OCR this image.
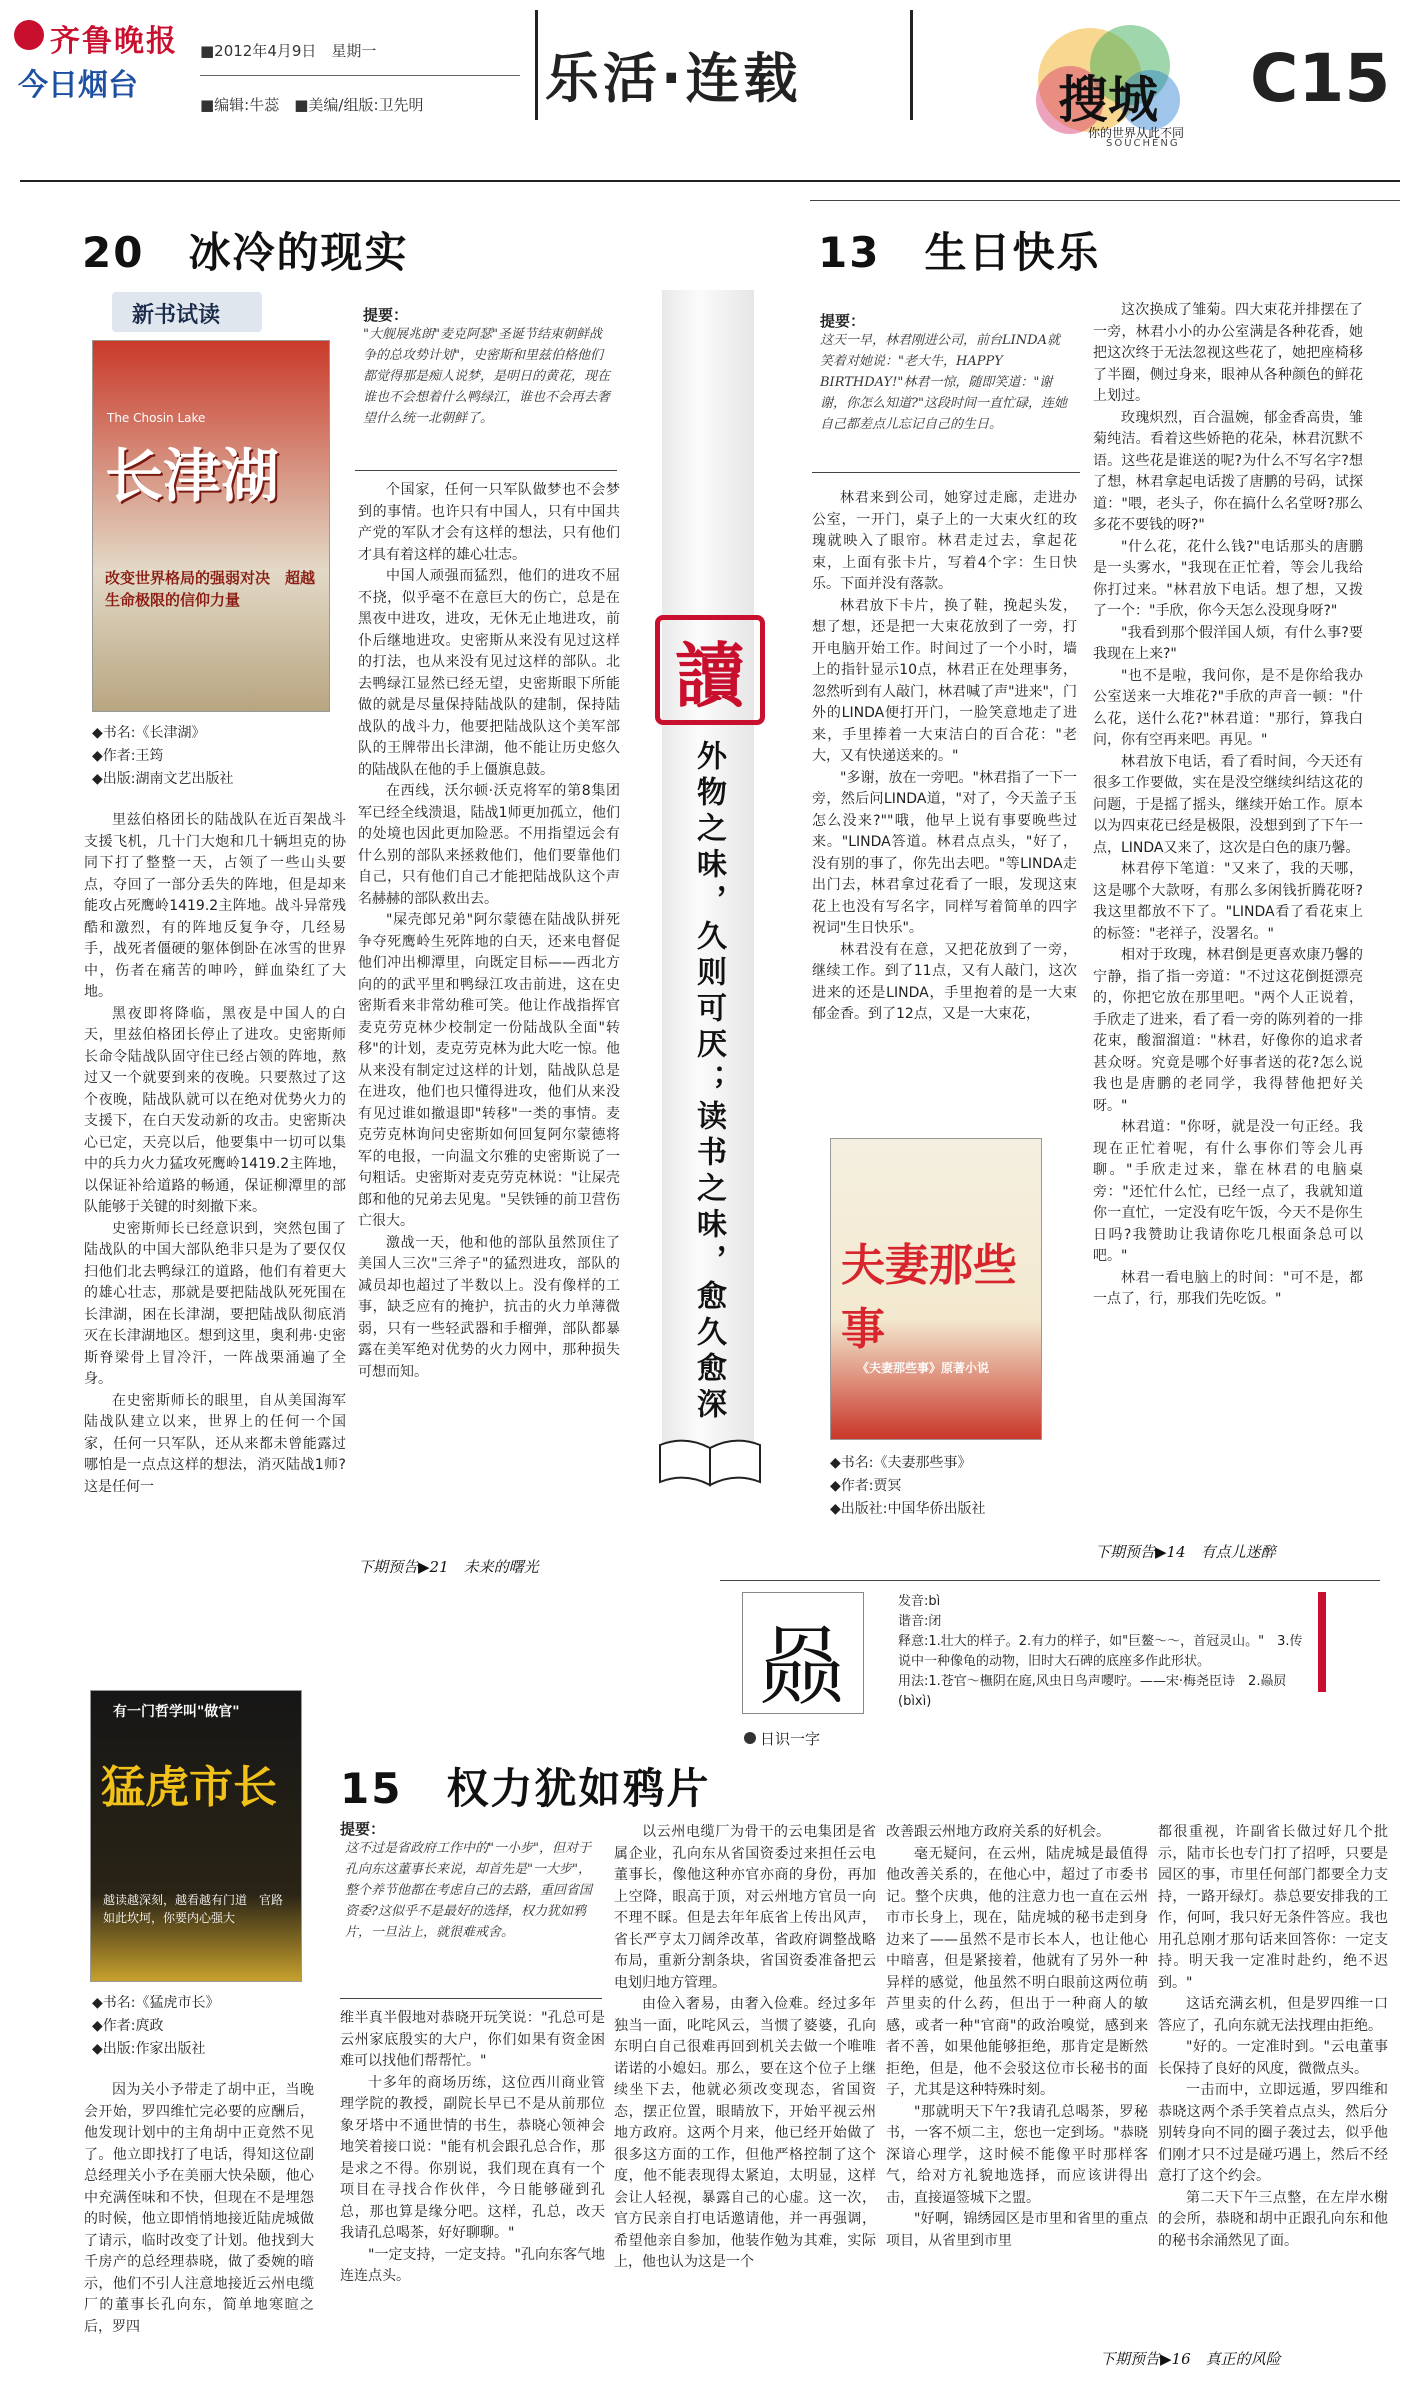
齐鲁晚报
今日烟台
■2012年4月9日　星期一
■编辑:牛蕊　■美编/组版:卫先明 乐活·连载	搜城
你的世界从此不同
SOUCHENG
C15
20　冰冷的现实
新书试读
长津湖
The Chosin Lake
改变世界格局的强弱对决　超越生命极限的信仰力量
◆书名:《长津湖》
◆作者:王筠
◆出版:湖南文艺出版社
提要：
"大舰展兆朗"麦克阿瑟"圣诞节结束朝鲜战争的总攻势计划"，史密斯和里兹伯格他们都觉得那是痴人说梦，是明日的黄花，现在谁也不会想着什么鸭绿江，谁也不会再去奢望什么统一北朝鲜了。

里兹伯格团长的陆战队在近百架战斗支援飞机，几十门大炮和几十辆坦克的协同下打了整整一天，占领了一些山头要点，夺回了一部分丢失的阵地，但是却来能攻占死鹰岭1419.2主阵地。战斗异常残酷和激烈，有的阵地反复争夺，几经易手，战死者僵硬的躯体倒卧在冰雪的世界中，伤者在痛苦的呻吟，鲜血染红了大地。

黑夜即将降临，黑夜是中国人的白天，里兹伯格团长停止了进攻。史密斯师长命令陆战队固守住已经占领的阵地，熬过又一个就要到来的夜晚。只要熬过了这个夜晚，陆战队就可以在绝对优势火力的支援下，在白天发动新的攻击。史密斯决心已定，天亮以后，他要集中一切可以集中的兵力火力猛攻死鹰岭1419.2主阵地，以保证补给道路的畅通，保证柳潭里的部队能够于关键的时刻撤下来。

史密斯师长已经意识到，突然包围了陆战队的中国大部队绝非只是为了要仅仅扫他们北去鸭绿江的道路，他们有着更大的雄心壮志，那就是要把陆战队死死围在长津湖，困在长津湖，要把陆战队彻底消灭在长津湖地区。想到这里，奥利弗·史密斯脊梁骨上冒冷汗，一阵战栗涌遍了全身。

在史密斯师长的眼里，自从美国海军陆战队建立以来，世界上的任何一个国家，任何一只军队，还从来都未曾能露过哪怕是一点点这样的想法，消灭陆战1师?这是任何一

个国家，任何一只军队做梦也不会梦到的事情。也许只有中国人，只有中国共产党的军队才会有这样的想法，只有他们才具有着这样的雄心壮志。

中国人顽强而猛烈，他们的进攻不屈不挠，似乎毫不在意巨大的伤亡，总是在黑夜中进攻，进攻，无休无止地进攻，前仆后继地进攻。史密斯从来没有见过这样的打法，也从来没有见过这样的部队。北去鸭绿江显然已经无望，史密斯眼下所能做的就是尽量保持陆战队的建制，保持陆战队的战斗力，他要把陆战队这个美军部队的王牌带出长津湖，他不能让历史悠久的陆战队在他的手上僵旗息鼓。

在西线，沃尔顿·沃克将军的第8集团军已经全线溃退，陆战1师更加孤立，他们的处境也因此更加险恶。不用指望远会有什么别的部队来拯救他们，他们要靠他们自己，只有他们自己才能把陆战队这个声名赫赫的部队救出去。

"屎壳郎兄弟"阿尔蒙德在陆战队拼死争夺死鹰岭生死阵地的白天，还来电督促他们冲出柳潭里，向既定目标——西北方向的的武平里和鸭绿江攻击前进，这在史密斯看来非常幼稚可笑。他让作战指挥官麦克劳克林少校制定一份陆战队全面"转移"的计划，麦克劳克林为此大吃一惊。他从来没有制定过这样的计划，陆战队总是在进攻，他们也只懂得进攻，他们从来没有见过谁如撤退即"转移"一类的事情。麦克劳克林询问史密斯如何回复阿尔蒙德将军的电报，一向温文尔雅的史密斯说了一句粗话。史密斯对麦克劳克林说："让屎壳郎和他的兄弟去见鬼。"吴铁锤的前卫营伤亡很大。

激战一天，他和他的部队虽然顶住了美国人三次"三斧子"的猛烈进攻，部队的减员却也超过了半数以上。没有像样的工事，缺乏应有的掩护，抗击的火力单薄微弱，只有一些轻武器和手榴弹，部队都暴露在美军绝对优势的火力网中，那种损失可想而知。

下期预告▶21　未来的曙光
讀
外物之味，久则可厌；读书之味，愈久愈深
13　生日快乐
提要：
这天一早，林君刚进公司，前台LINDA就笑着对她说："老大牛，HAPPY BIRTHDAY!"林君一惊，随即笑道："谢谢，你怎么知道?"这段时间一直忙碌，连她自己都差点儿忘记自己的生日。

林君来到公司，她穿过走廊，走进办公室，一开门，桌子上的一大束火红的玫瑰就映入了眼帘。林君走过去，拿起花束，上面有张卡片，写着4个字：生日快乐。下面并没有落款。

林君放下卡片，换了鞋，挽起头发，想了想，还是把一大束花放到了一旁，打开电脑开始工作。时间过了一个小时，墙上的指针显示10点，林君正在处理事务，忽然听到有人敲门，林君喊了声"进来"，门外的LINDA便打开门，一脸笑意地走了进来，手里捧着一大束洁白的百合花："老大，又有快递送来的。"

"多谢，放在一旁吧。"林君指了一下一旁，然后问LINDA道，"对了，今天盖子玉怎么没来?""哦，他早上说有事要晚些过来。"LINDA答道。林君点点头，"好了，没有别的事了，你先出去吧。"等LINDA走出门去，林君拿过花看了一眼，发现这束花上也没有写名字，同样写着简单的四字祝词"生日快乐"。

林君没有在意，又把花放到了一旁，继续工作。到了11点，又有人敲门，这次进来的还是LINDA，手里抱着的是一大束郁金香。到了12点，又是一大束花，

夫妻那些事
《夫妻那些事》原著小说
◆书名:《夫妻那些事》
◆作者:贾冥
◆出版社:中国华侨出版社

这次换成了雏菊。四大束花并排摆在了一旁，林君小小的办公室满是各种花香，她把这次终于无法忽视这些花了，她把座椅移了半圈，侧过身来，眼神从各种颜色的鲜花上划过。

玫瑰炽烈，百合温婉，郁金香高贵，雏菊纯洁。看着这些娇艳的花朵，林君沉默不语。这些花是谁送的呢?为什么不写名字?想了想，林君拿起电话拨了唐鹏的号码，试探道："喂，老头子，你在搞什么名堂呀?那么多花不要钱的呀?"

"什么花，花什么钱?"电话那头的唐鹏是一头雾水，"我现在正忙着，等会儿我给你打过来。"林君放下电话。想了想，又拨了一个："手欣，你今天怎么没现身呀?"

"我看到那个假洋国人烦，有什么事?要我现在上来?"

"也不是啦，我问你，是不是你给我办公室送来一大堆花?"手欣的声音一顿："什么花，送什么花?"林君道："那行，算我白问，你有空再来吧。再见。"

林君放下电话，看了看时间，今天还有很多工作要做，实在是没空继续纠结这花的问题，于是摇了摇头，继续开始工作。原本以为四束花已经是极限，没想到到了下午一点，LINDA又来了，这次是白色的康乃馨。

林君停下笔道："又来了，我的天哪，这是哪个大款呀，有那么多闲钱折腾花呀?我这里都放不下了。"LINDA看了看花束上的标签："老祥子，没署名。"

相对于玫瑰，林君倒是更喜欢康乃馨的宁静，指了指一旁道："不过这花倒挺漂亮的，你把它放在那里吧。"两个人正说着，手欣走了进来，看了看一旁的陈列着的一排花束，酸溜溜道："林君，好像你的追求者甚众呀。究竟是哪个好事者送的花?怎么说我也是唐鹏的老同学，我得替他把好关呀。"

林君道："你呀，就是没一句正经。我现在正忙着呢，有什么事你们等会儿再聊。"手欣走过来，靠在林君的电脑桌旁："还忙什么忙，已经一点了，我就知道你一直忙，一定没有吃午饭，今天不是你生日吗?我赞助让我请你吃几根面条总可以吧。"

林君一看电脑上的时间："可不是，都一点了，行，那我们先吃饭。"

下期预告▶14　有点儿迷醉
赑
日识一字
发音:bì
谐音:闭
释意:1.壮大的样子。2.有力的样子，如"巨鳌～～，首冠灵山。"　3.传说中一种像龟的动物，旧时大石碑的底座多作此形状。
用法:1.苍官～橅阴在庭,风虫日鸟声嘤咛。——宋·梅尧臣诗　2.赑屃(bìxì)
有一门哲学叫"做官"
猛虎市长
越读越深刻，越看越有门道　官路如此坎坷，你要内心强大
◆书名:《猛虎市长》
◆作者:庹政
◆出版:作家出版社
15　权力犹如鸦片
提要：
这不过是省政府工作中的"一小步"，但对于孔向东这董事长来说，却首先是"一大步"，整个养节他都在考虑自己的去路，重回省国资委?这似乎不是最好的选择，权力犹如鸦片，一旦沾上，就很难戒舍。

因为关小予带走了胡中正，当晚会开始，罗四维忙完必要的应酬后，他发现计划中的主角胡中正竟然不见了。他立即找打了电话，得知这位副总经理关小予在美丽大快朵颐，他心中充满侄味和不快，但现在不是埋怨的时候，他立即悄悄地接近陆虎城做了请示，临时改变了计划。他找到大千房产的总经理恭晓，做了委婉的暗示，他们不引人注意地接近云州电缆厂的董事长孔向东，简单地寒暄之后，罗四

维半真半假地对恭晓开玩笑说："孔总可是云州家底殷实的大户，你们如果有资金困难可以找他们帮帮忙。"

十多年的商场历练，这位西川商业管理学院的教授，副院长早已不是从前那位象牙塔中不通世情的书生，恭晓心领神会地笑着接口说："能有机会跟孔总合作，那是求之不得。你别说，我们现在真有一个项目在寻找合作伙伴，今日能够碰到孔总，那也算是缘分吧。这样，孔总，改天我请孔总喝茶，好好聊聊。"

"一定支持，一定支持。"孔向东客气地连连点头。

以云州电缆厂为骨干的云电集团是省属企业，孔向东从省国资委过来担任云电董事长，像他这种亦官亦商的身份，再加上空降，眼高于顶，对云州地方官员一向不理不睬。但是去年年底省上传出风声，省长严亨太刀阔斧改革，省政府调整战略布局，重新分割条块，省国资委准备把云电划归地方管理。

由俭入奢易，由奢入俭难。经过多年独当一面，叱咤风云，当惯了婆婆，孔向东明白自己很难再回到机关去做一个唯唯诺诺的小媳妇。那么，要在这个位子上继续坐下去，他就必须改变现态，省国资态，摆正位置，眼睛放下，开始平视云州地方政府。这两个月来，他已经开始做了很多这方面的工作，但他严格控制了这个度，他不能表现得太紧迫，太明显，这样会让人轻视，暴露自己的心虚。这一次，官方民亲自打电话邀请他，并一再强调，希望他亲自参加，他装作勉为其难，实际上，他也认为这是一个

改善跟云州地方政府关系的好机会。

毫无疑问，在云州，陆虎城是最值得他改善关系的，在他心中，超过了市委书记。整个庆典，他的注意力也一直在云州市市长身上，现在，陆虎城的秘书走到身边来了——虽然不是市长本人，也让他心中暗喜，但是紧接着，他就有了另外一种异样的感觉，他虽然不明白眼前这两位萌芦里卖的什么药，但出于一种商人的敏感，或者一种"官商"的政治嗅觉，感到来者不善，如果他能够拒绝，那肯定是断然拒绝，但是，他不会驳这位市长秘书的面子，尤其是这种特殊时刻。

"那就明天下午?我请孔总喝茶，罗秘书，一客不烦二主，您也一定到场。"恭晓深谙心理学，这时候不能像平时那样客气，给对方礼貌地选择，而应该讲得出击，直接逼签城下之盟。

"好啊，锦绣园区是市里和省里的重点项目，从省里到市里

都很重视，许副省长做过好几个批示，陆市长也专门打了招呼，只要是园区的事，市里任何部门都要全力支持，一路开绿灯。恭总要安排我的工作，何呵，我只好无条件答应。我也用孔总刚才那句话来回答你：一定支持。明天我一定准时赴约，绝不迟到。"

这话充满玄机，但是罗四维一口答应了，孔向东就无法找理由拒绝。

"好的。一定准时到。"云电董事长保持了良好的风度，微微点头。

一击而中，立即远遁，罗四维和恭晓这两个杀手笑着点点头，然后分别转身向不同的圈子袭过去，似乎他们刚才只不过是碰巧遇上，然后不经意打了这个约会。

第二天下午三点整，在左岸水榭的会所，恭晓和胡中正跟孔向东和他的秘书余涌然见了面。

下期预告▶16　真正的风险
